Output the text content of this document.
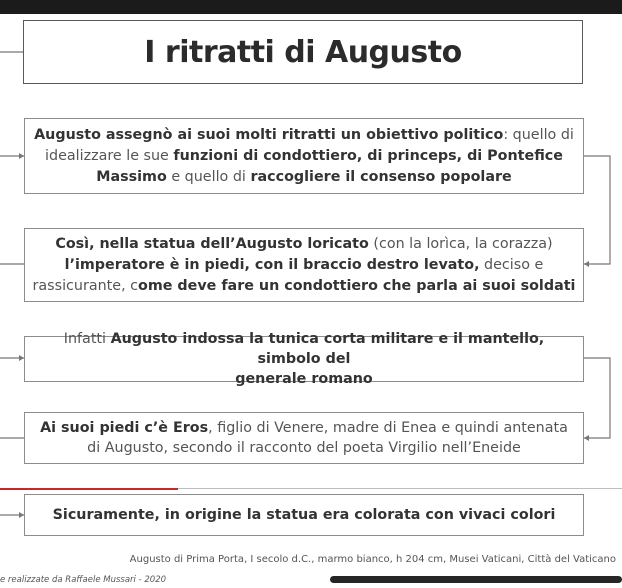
I ritratti di Augusto

Augusto assegnò ai suoi molti ritratti un obiettivo politico: quello di

idealizzare le sue funzioni di condottiero, di princeps, di Pontefice

Massimo e quello di raccogliere il consenso popolare

Così, nella statua dell’Augusto loricato (con la lorìca, la corazza)

l’imperatore è in piedi, con il braccio destro levato, deciso e

rassicurante, come deve fare un condottiero che parla ai suoi soldati

Infatti Augusto indossa la tunica corta militare e il mantello, simbolo del

generale romano

Ai suoi piedi c’è Eros, figlio di Venere, madre di Enea e quindi antenata

di Augusto, secondo il racconto del poeta Virgilio nell’Eneide

Sicuramente, in origine la statua era colorata con vivaci colori

Augusto di Prima Porta, I secolo d.C., marmo bianco, h 204 cm, Musei Vaticani, Città del Vaticano
e realizzate da Raffaele Mussari - 2020
